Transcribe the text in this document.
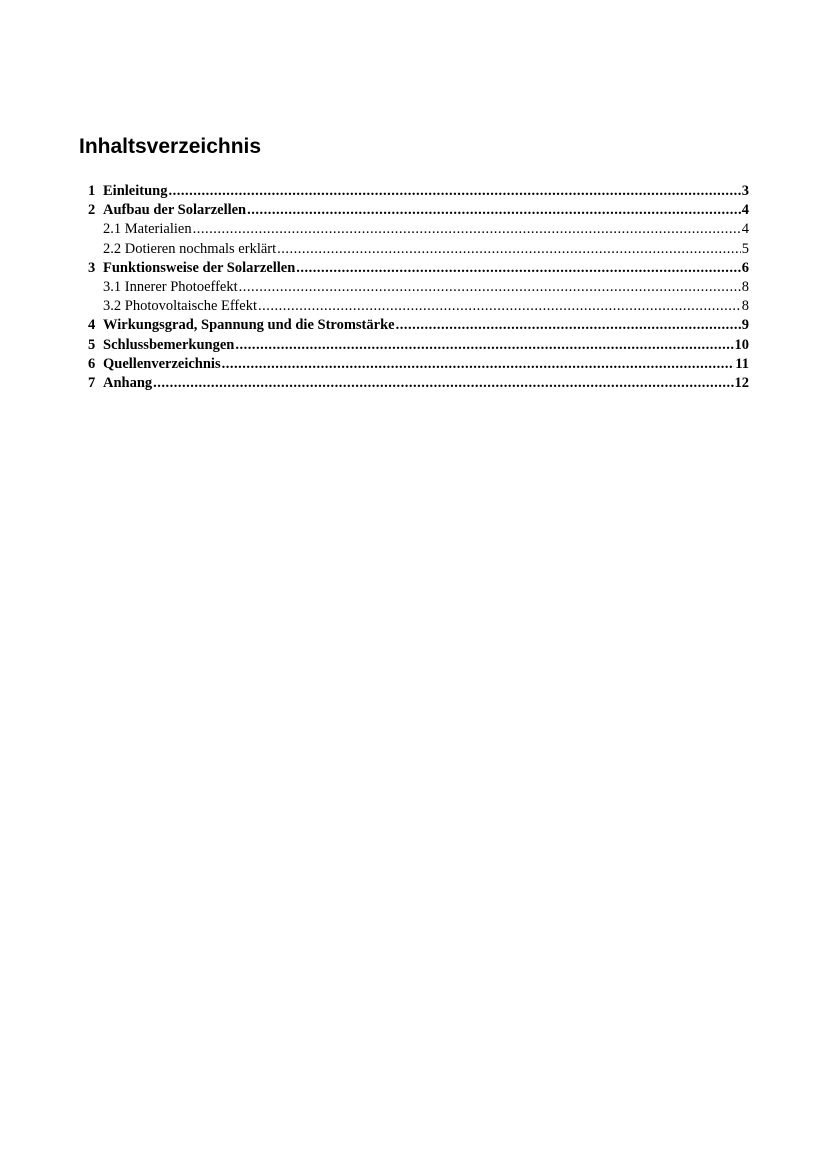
Inhaltsverzeichnis
1 Einleitung .....	3
2 Aufbau der Solarzellen .....	4
2.1 Materialien .....	4
2.2 Dotieren nochmals erklärt .....	5
3 Funktionsweise der Solarzellen .....	6
3.1 Innerer Photoeffekt .....	8
3.2 Photovoltaische Effekt .....	8
4 Wirkungsgrad, Spannung und die Stromstärke .....	9
5 Schlussbemerkungen .....	10
6 Quellenverzeichnis .....	11
7 Anhang .....	12
